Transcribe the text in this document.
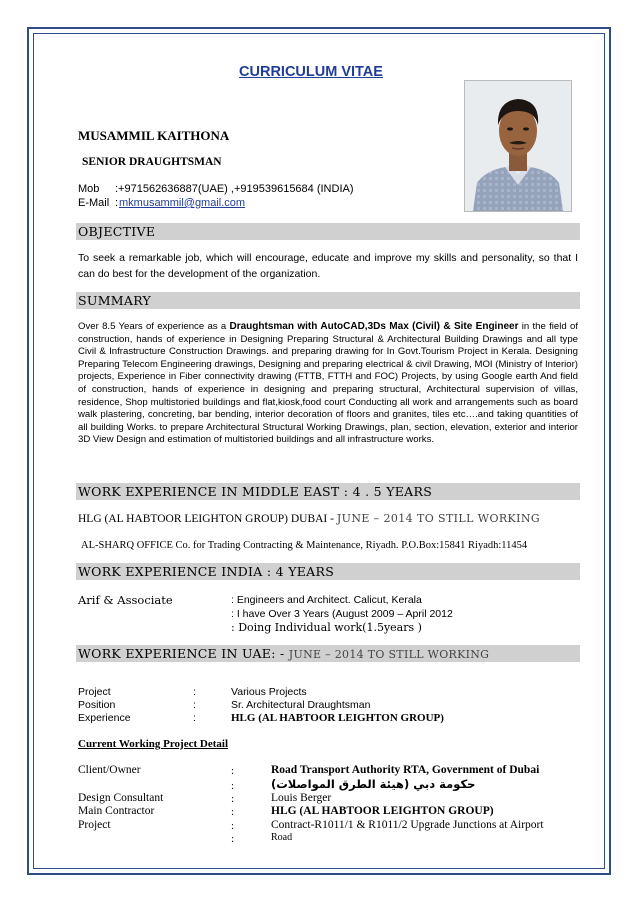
CURRICULUM VITAE
MUSAMMIL KAITHONA
SENIOR DRAUGHTSMAN
Mob :+971562636887(UAE) ,+919539615684 (INDIA)
E-Mail : mkmusammil@gmail.com
OBJECTIVE
To seek a remarkable job, which will encourage, educate and improve my skills and personality, so that I can do best for the development of the organization.
SUMMARY
Over 8.5 Years of experience as a Draughtsman with AutoCAD,3Ds Max (Civil) & Site Engineer in the field of construction, hands of experience in Designing Preparing Structural & Architectural Building Drawings and all type Civil & Infrastructure Construction Drawings. and preparing drawing for In Govt.Tourism Project in Kerala. Designing Preparing Telecom Engineering drawings, Designing and preparing electrical & civil Drawing, MOI (Ministry of Interior) projects, Experience in Fiber connectivity drawing (FTTB, FTTH and FOC) Projects, by using Google earth And field of construction, hands of experience in designing and preparing structural, Architectural supervision of villas, residence, Shop multistoried buildings and flat,kiosk,food court Conducting all work and arrangements such as board walk plastering, concreting, bar bending, interior decoration of floors and granites, tiles etc….and taking quantities of all building Works. to prepare Architectural Structural Working Drawings, plan, section, elevation, exterior and interior 3D View Design and estimation of multistoried buildings and all infrastructure works.
WORK EXPERIENCE IN MIDDLE EAST : 4 . 5 YEARS
HLG (AL HABTOOR LEIGHTON GROUP) DUBAI - JUNE – 2014 TO STILL WORKING
AL-SHARQ OFFICE Co. for Trading Contracting & Maintenance, Riyadh. P.O.Box:15841 Riyadh:11454
WORK EXPERIENCE INDIA : 4 YEARS
Arif & Associate	: Engineers and Architect. Calicut, Kerala
: I have Over 3 Years (August 2009 – April 2012
: Doing Individual work(1.5years )
WORK EXPERIENCE IN UAE: - JUNE – 2014 TO STILL WORKING
Project	:	Various Projects
Position	:	Sr. Architectural Draughtsman
Experience	:	HLG (AL HABTOOR LEIGHTON GROUP)
Current Working Project Detail
Client/Owner	:	Road Transport Authority RTA, Government of Dubai
:	حكومة دبي (هيئة الطرق المواصلات)
Design Consultant	:	Louis Berger
Main Contractor	:	HLG (AL HABTOOR LEIGHTON GROUP)
Project	:	Contract-R1011/1 & R1011/2 Upgrade Junctions at Airport
:	Road
